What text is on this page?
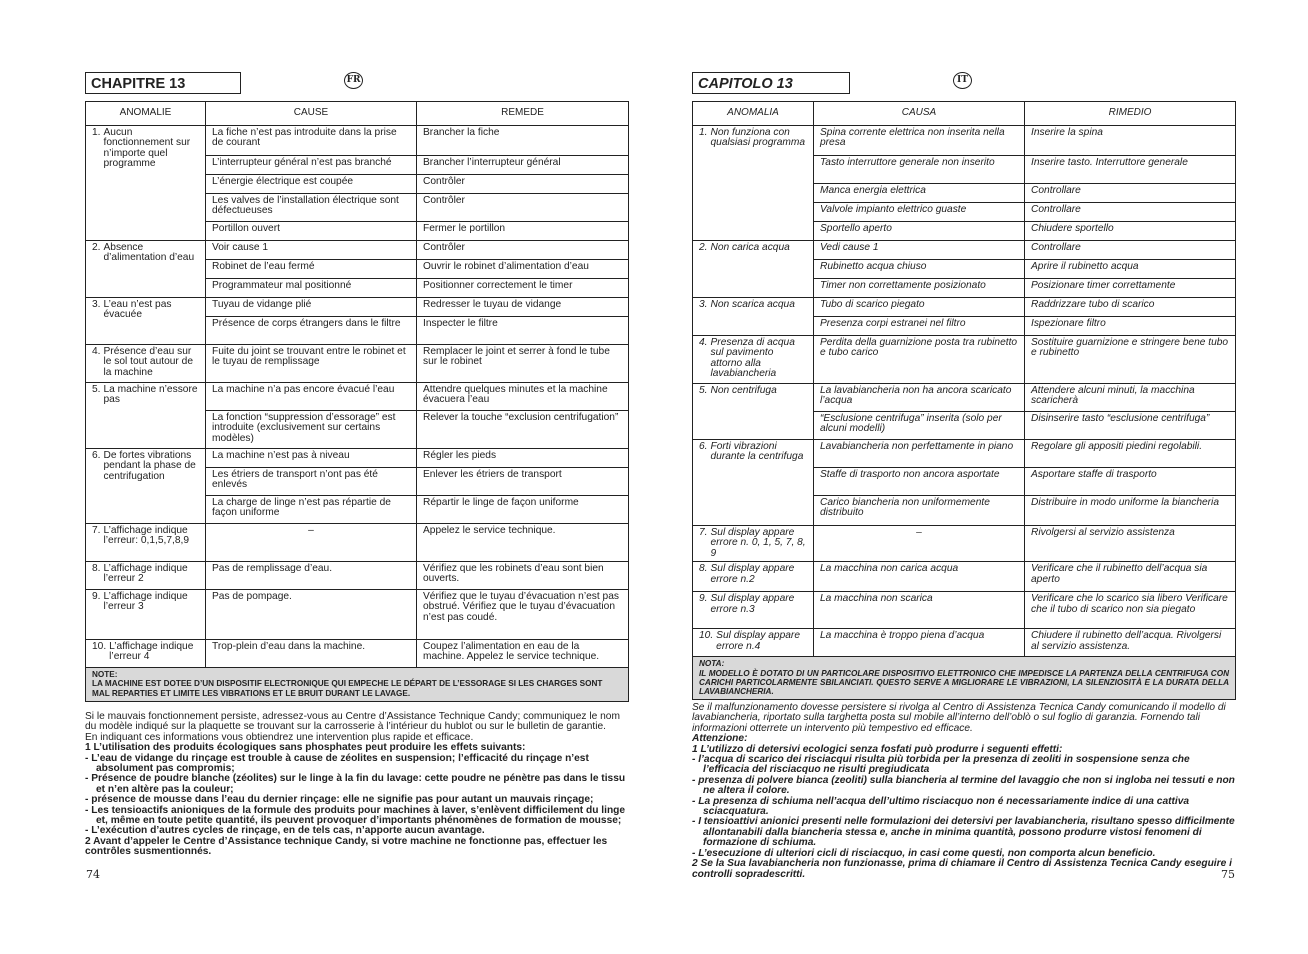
CHAPITRE 13	FR
ANOMALIE	CAUSE	REMEDE

1. Aucun fonctionnement sur n’importe quel programme	La fiche n’est pas introduite dans la prise de courant	Brancher la fiche
	L’interrupteur général n’est pas branché	Brancher l’interrupteur général
	L’énergie électrique est coupée	Contrôler
	Les valves de l’installation électrique sont défectueuses	Contrôler
	Portillon ouvert	Fermer le portillon

2. Absence d’alimentation d’eau	Voir cause 1	Contrôler
	Robinet de l’eau fermé	Ouvrir le robinet d’alimentation d’eau
	Programmateur mal positionné	Positionner correctement le timer

3. L’eau n’est pas évacuée	Tuyau de vidange plié	Redresser le tuyau de vidange
	Présence de corps étrangers dans le filtre	Inspecter le filtre

4. Présence d’eau sur le sol tout autour de la machine	Fuite du joint se trouvant entre le robinet et le tuyau de remplissage	Remplacer le joint et serrer à fond le tube sur le robinet

5. La machine n’essore pas	La machine n’a pas encore évacué l’eau	Attendre quelques minutes et la machine évacuera l’eau
	La fonction “suppression d’essorage” est introduite (exclusivement sur certains modèles)	Relever la touche “exclusion centrifugation”

6. De fortes vibrations pendant la phase de centrifugation	La machine n’est pas à niveau	Régler les pieds
	Les étriers de transport n’ont pas été enlevés	Enlever les étriers de transport
	La charge de linge n’est pas répartie de façon uniforme	Répartir le linge de façon uniforme

7. L’affichage indique l’erreur: 0,1,5,7,8,9	–	Appelez le service technique.

8. L’affichage indique l’erreur 2	Pas de remplissage d’eau.	Vérifiez que les robinets d’eau sont bien ouverts.

9. L’affichage indique l’erreur 3	Pas de pompage.	Vérifiez que le tuyau d’évacuation n’est pas obstrué. Vérifiez que le tuyau d’évacuation n’est pas coudé.

10. L’affichage indique l’erreur 4	Trop-plein d’eau dans la machine.	Coupez l’alimentation en eau de la machine. Appelez le service technique.

NOTE:
LA MACHINE EST DOTEE D’UN DISPOSITIF ELECTRONIQUE QUI EMPECHE LE DÉPART DE L’ESSORAGE SI LES CHARGES SONT MAL REPARTIES ET LIMITE LES VIBRATIONS ET LE BRUIT DURANT LE LAVAGE.		
Si le mauvais fonctionnement persiste, adressez-vous au Centre d’Assistance Technique Candy; communiquez le nom du modèle indiqué sur la plaquette se trouvant sur la carrosserie à l’intérieur du hublot ou sur le bulletin de garantie.
En indiquant ces informations vous obtiendrez une intervention plus rapide et efficace.
1 L’utilisation des produits écologiques sans phosphates peut produire les effets suivants:
- L’eau de vidange du rinçage est trouble à cause de zéolites en suspension; l’efficacité du rinçage n’est absolument pas compromis;
- Présence de poudre blanche (zéolites) sur le linge à la fin du lavage: cette poudre ne pénètre pas dans le tissu et n’en altère pas la couleur;
- présence de mousse dans l’eau du dernier rinçage: elle ne signifie pas pour autant un mauvais rinçage;
- Les tensioactifs anioniques de la formule des produits pour machines à laver, s’enlèvent difficilement du linge et, même en toute petite quantité, ils peuvent provoquer d’importants phénomènes de formation de mousse;
- L’exécution d’autres cycles de rinçage, en de tels cas, n’apporte aucun avantage.
2 Avant d’appeler le Centre d’Assistance technique Candy, si votre machine ne fonctionne pas, effectuer les contrôles susmentionnés.
74
CAPITOLO 13	IT
ANOMALIA	CAUSA	RIMEDIO

1. Non funziona con qualsiasi programma	Spina corrente elettrica non inserita nella presa	Inserire la spina
	Tasto interruttore generale non inserito	Inserire tasto. Interruttore generale
	Manca energia elettrica	Controllare
	Valvole impianto elettrico guaste	Controllare
	Sportello aperto	Chiudere sportello

2. Non carica acqua	Vedi cause 1	Controllare
	Rubinetto acqua chiuso	Aprire il rubinetto acqua
	Timer non correttamente posizionato	Posizionare timer correttamente

3. Non scarica acqua	Tubo di scarico piegato	Raddrizzare tubo di scarico
	Presenza corpi estranei nel filtro	Ispezionare filtro

4. Presenza di acqua sul pavimento attorno alla lavabiancheria	Perdita della guarnizione posta tra rubinetto e tubo carico	Sostituire guarnizione e stringere bene tubo e rubinetto

5. Non centrifuga	La lavabiancheria non ha ancora scaricato l’acqua	Attendere alcuni minuti, la macchina scaricherà
	“Esclusione centrifuga” inserita (solo per alcuni modelli)	Disinserire tasto “esclusione centrifuga”

6. Forti vibrazioni durante la centrifuga	Lavabiancheria non perfettamente in piano	Regolare gli appositi piedini regolabili.
	Staffe di trasporto non ancora asportate	Asportare staffe di trasporto
	Carico biancheria non uniformemente distribuito	Distribuire in modo uniforme la biancheria

7. Sul display appare errore n. 0, 1, 5, 7, 8, 9	–	Rivolgersi al servizio assistenza

8. Sul display appare errore n.2	La macchina non carica acqua	Verificare che il rubinetto dell’acqua sia aperto

9. Sul display appare errore n.3	La macchina non scarica	Verificare che lo scarico sia libero Verificare che il tubo di scarico non sia piegato

10. Sul display appare errore n.4	La macchina è troppo piena d’acqua	Chiudere il rubinetto dell’acqua. Rivolgersi al servizio assistenza.

NOTA:
IL MODELLO È DOTATO DI UN PARTICOLARE DISPOSITIVO ELETTRONICO CHE IMPEDISCE LA PARTENZA DELLA CENTRIFUGA CON CARICHI PARTICOLARMENTE SBILANCIATI. QUESTO SERVE A MIGLIORARE LE VIBRAZIONI, LA SILENZIOSITÀ E LA DURATA DELLA LAVABIANCHERIA.		
Se il malfunzionamento dovesse persistere si rivolga al Centro di Assistenza Tecnica Candy comunicando il modello di lavabiancheria, riportato sulla targhetta posta sul mobile all’interno dell’oblò o sul foglio di garanzia. Fornendo tali informazioni otterrete un intervento più tempestivo ed efficace.
Attenzione:
1 L’utilizzo di detersivi ecologici senza fosfati può produrre i seguenti effetti:
- l’acqua di scarico dei risciacqui risulta più torbida per la presenza di zeoliti in sospensione senza che l’efficacia del risciacquo ne risulti pregiudicata
- presenza di polvere bianca (zeoliti) sulla biancheria al termine del lavaggio che non si ingloba nei tessuti e non ne altera il colore.
- La presenza di schiuma nell’acqua dell’ultimo risciacquo non é necessariamente indice di una cattiva sciacquatura.
- I tensioattivi anionici presenti nelle formulazioni dei detersivi per lavabiancheria, risultano spesso difficilmente allontanabili dalla biancheria stessa e, anche in minima quantità, possono produrre vistosi fenomeni di formazione di schiuma.
- L’esecuzione di ulteriori cicli di risciacquo, in casi come questi, non comporta alcun beneficio.
2 Se la Sua lavabiancheria non funzionasse, prima di chiamare il Centro di Assistenza Tecnica Candy eseguire i controlli sopradescritti.	75
